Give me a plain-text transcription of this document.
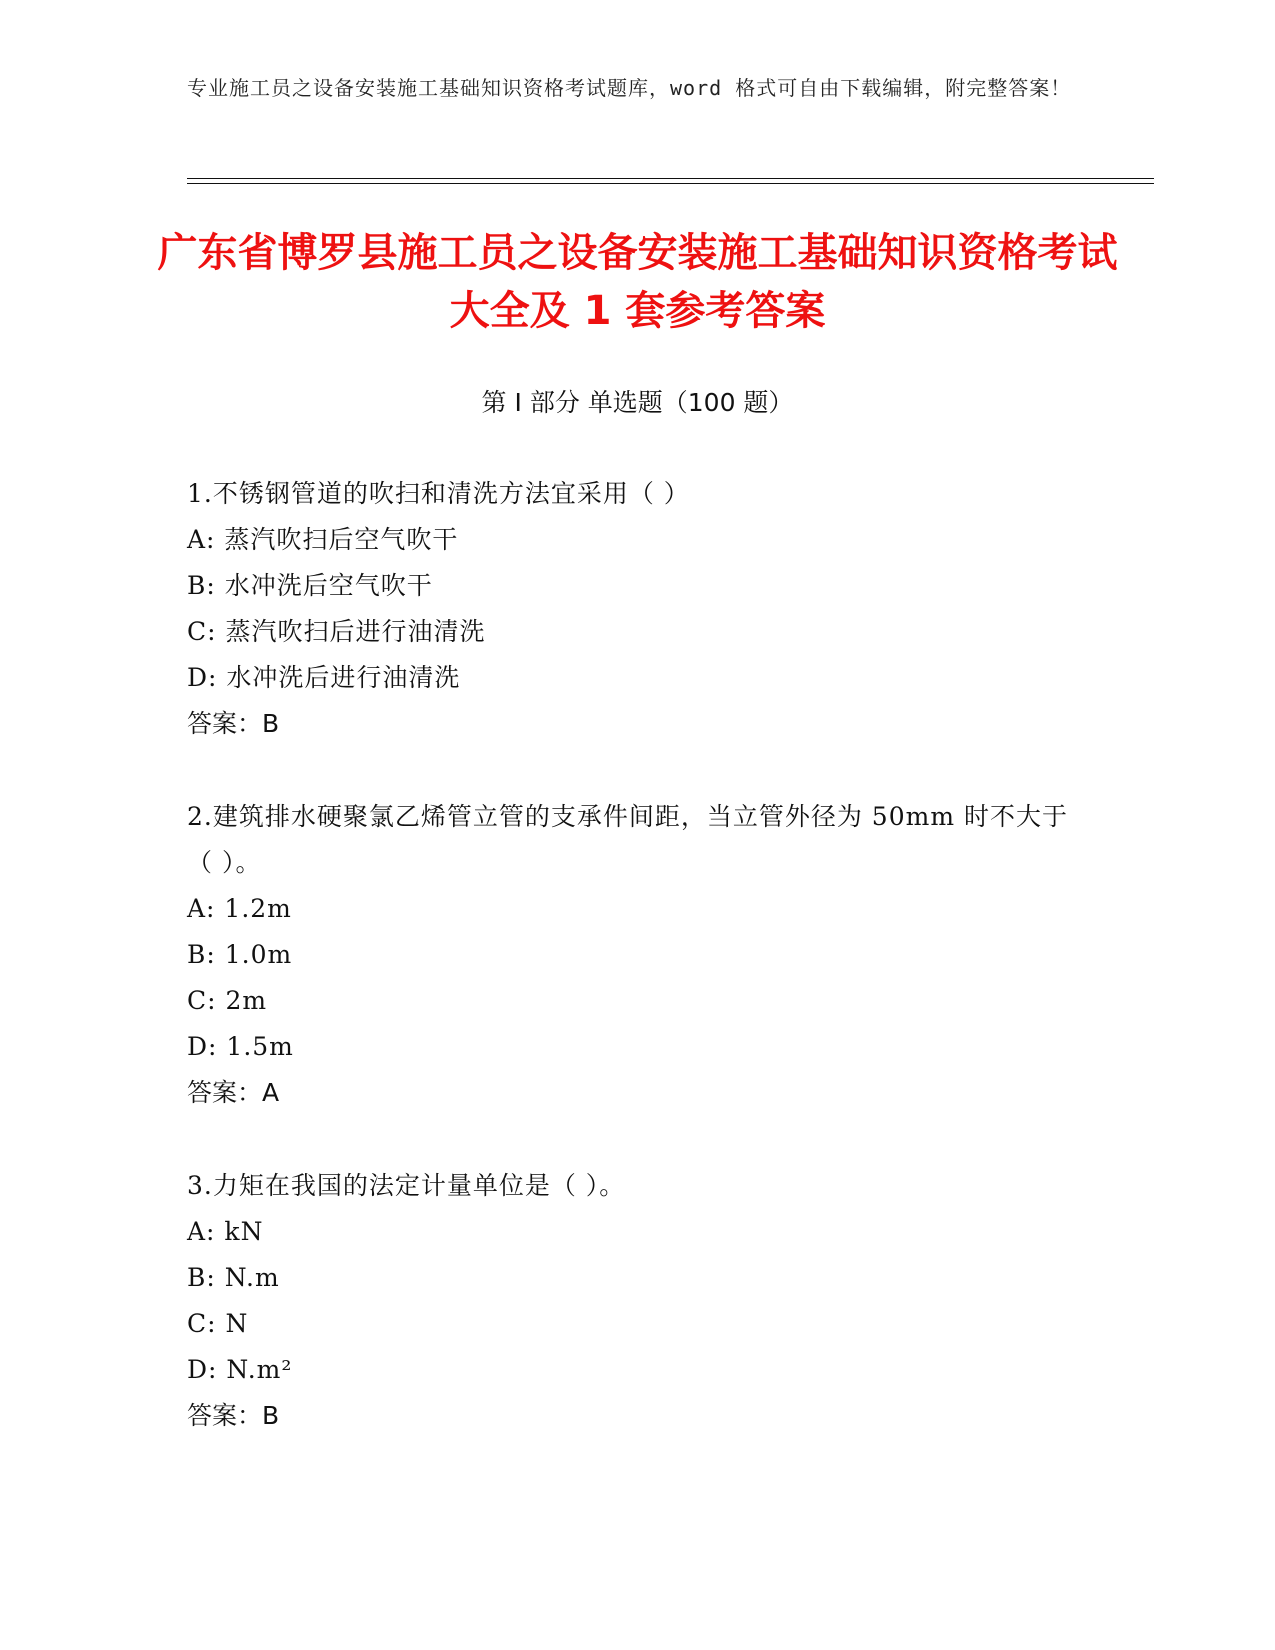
专业施工员之设备安装施工基础知识资格考试题库，word 格式可自由下载编辑，附完整答案！
广东省博罗县施工员之设备安装施工基础知识资格考试大全及 1 套参考答案
第 I 部分 单选题（100 题）

1.不锈钢管道的吹扫和清洗方法宜采用（ ）

A: 蒸汽吹扫后空气吹干

B: 水冲洗后空气吹干

C: 蒸汽吹扫后进行油清洗

D: 水冲洗后进行油清洗

答案：B

2.建筑排水硬聚氯乙烯管立管的支承件间距，当立管外径为 50mm 时不大于（ ）。

A: 1.2m

B: 1.0m

C: 2m

D: 1.5m

答案：A

3.力矩在我国的法定计量单位是（ ）。

A: kN

B: N.m

C: N

D: N.m²

答案：B
